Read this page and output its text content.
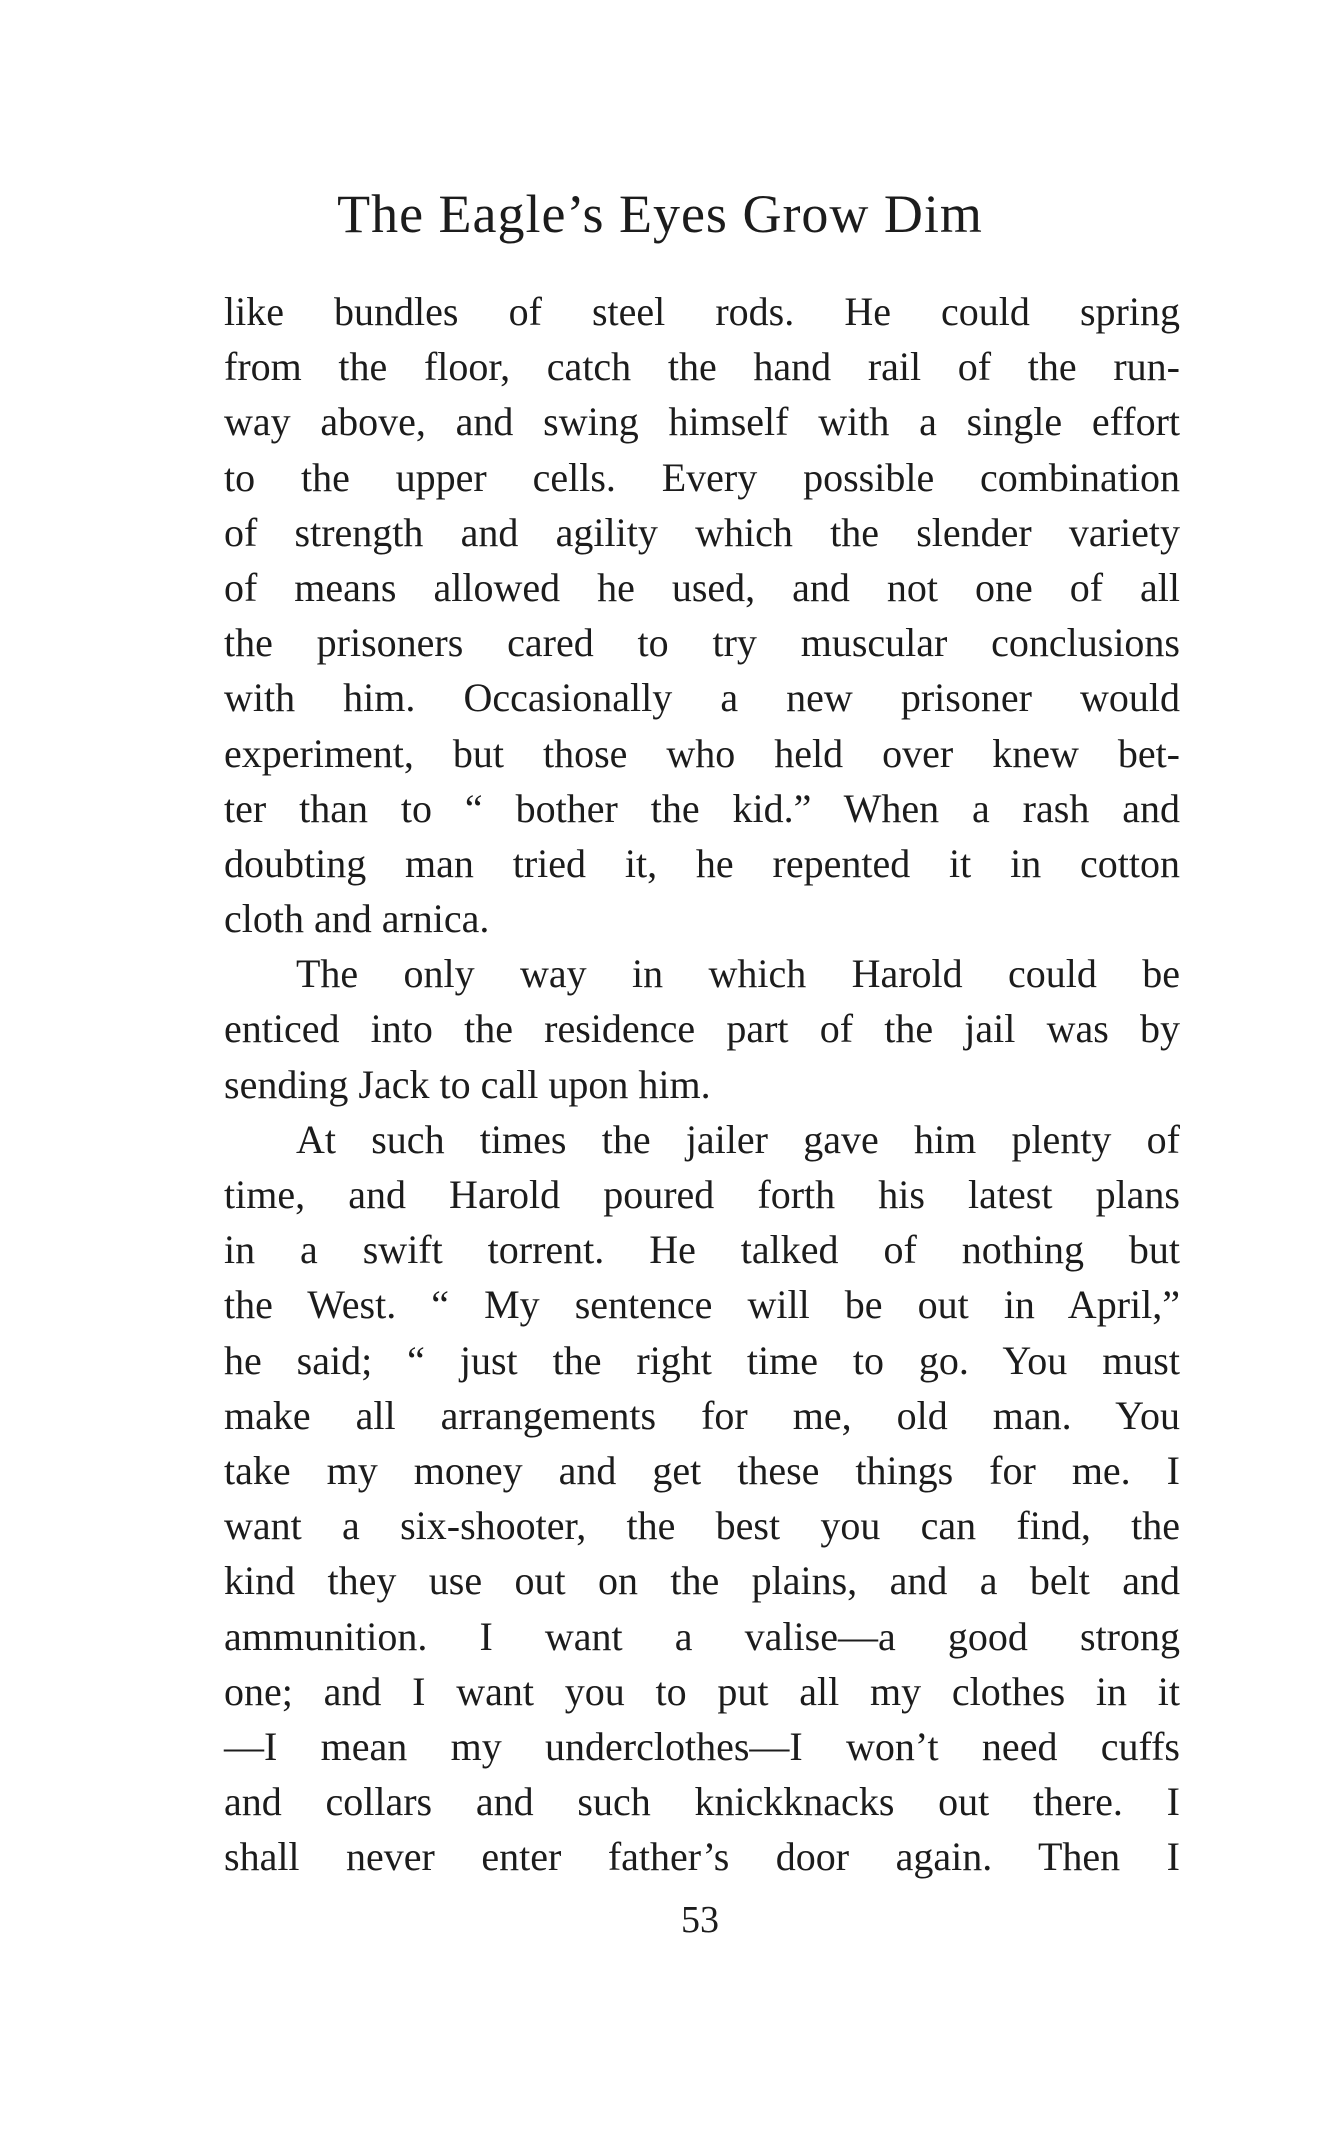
The Eagle’s Eyes Grow Dim
like bundles of steel rods. He could spring
from the floor, catch the hand rail of the run-
way above, and swing himself with a single effort
to the upper cells. Every possible combination
of strength and agility which the slender variety
of means allowed he used, and not one of all
the prisoners cared to try muscular conclusions
with him. Occasionally a new prisoner would
experiment, but those who held over knew bet-
ter than to “ bother the kid.” When a rash and
doubting man tried it, he repented it in cotton
cloth and arnica.
The only way in which Harold could be
enticed into the residence part of the jail was by
sending Jack to call upon him.
At such times the jailer gave him plenty of
time, and Harold poured forth his latest plans
in a swift torrent. He talked of nothing but
the West. “ My sentence will be out in April,”
he said; “ just the right time to go. You must
make all arrangements for me, old man. You
take my money and get these things for me. I
want a six-shooter, the best you can find, the
kind they use out on the plains, and a belt and
ammunition. I want a valise—a good strong
one; and I want you to put all my clothes in it
—I mean my underclothes—I won’t need cuffs
and collars and such knickknacks out there. I
shall never enter father’s door again. Then I

53
